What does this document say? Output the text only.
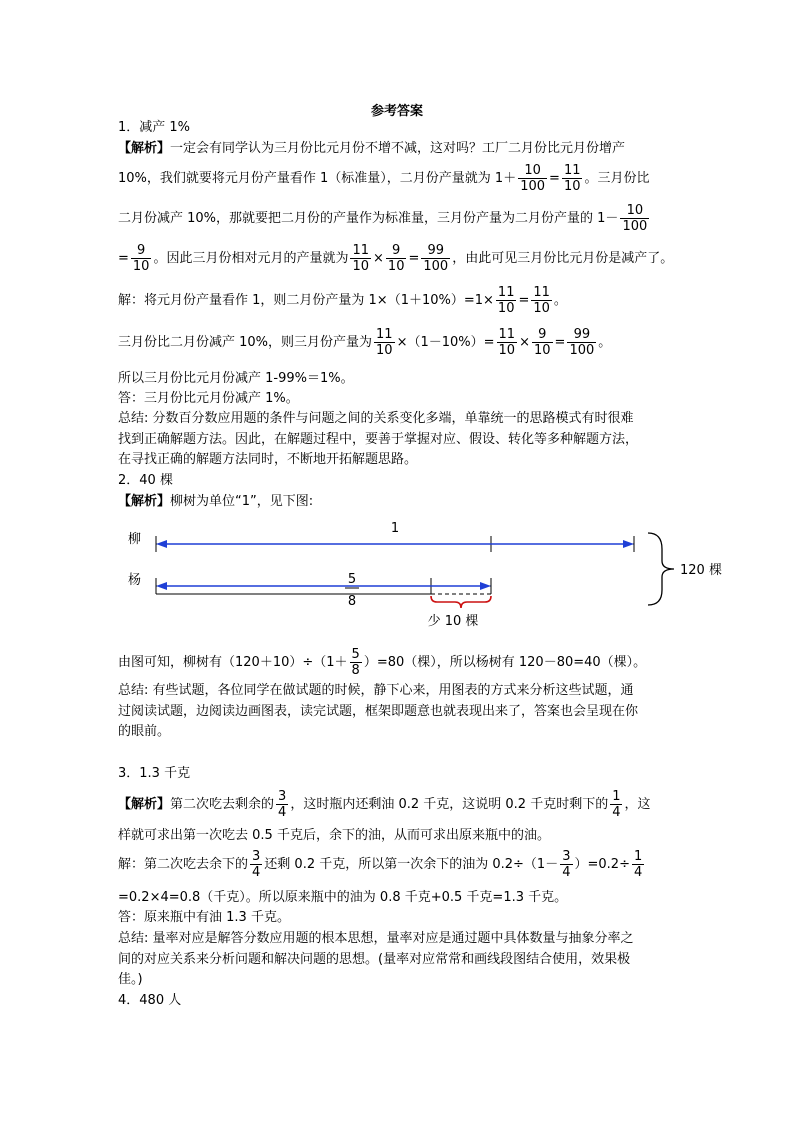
参考答案
1．减产 1%
【解析】一定会有同学认为三月份比元月份不增不减，这对吗？工厂二月份比元月份增产
10%，我们就要将元月份产量看作 1（标准量），二月份产量就为 $1+ \frac{10}{100} = \frac{11}{10}$ 。三月份比
二月份减产 10%，那就要把二月份的产量作为标准量，三月份产量为二月份产量的 $1- \frac{10}{100}$
= $\frac{9}{10}$ 。因此三月份相对元月的产量就为 $\frac{11}{10} \times \frac{9}{10} = \frac{99}{100}$ ，由此可见三月份比元月份是减产了。
解：将元月份产量看作 1，则二月份产量为 $1\times(1+10\%)=1\times \frac{11}{10} = \frac{11}{10}$ 。
三月份比二月份减产 10%，则三月份产量为 $\frac{11}{10} \times(1-10\%)= \frac{11}{10} \times \frac{9}{10} = \frac{99}{100}$ 。
所以三月份比元月份减产 1-99%＝1%。
答：三月份比元月份减产 1%。
总结: 分数百分数应用题的条件与问题之间的关系变化多端，单靠统一的思路模式有时很难
找到正确解题方法。因此，在解题过程中，要善于掌握对应、假设、转化等多种解题方法，
在寻找正确的解题方法同时，不断地开拓解题思路。
2．40 棵
【解析】柳树为单位“1”，见下图:
柳
杨
1
5
8
少 10 棵
120 棵
由图可知，柳树有$(120+10)\div(1+ \frac{5}{8} )=80$（棵），所以杨树有 120－80=40（棵）。
总结: 有些试题，各位同学在做试题的时候，静下心来，用图表的方式来分析这些试题，通
过阅读试题，边阅读边画图表，读完试题，框架即题意也就表现出来了，答案也会呈现在你
的眼前。
3．1.3 千克
【解析】第二次吃去剩余的 $\frac{3}{4}$ ，这时瓶内还剩油 0.2 千克，这说明 0.2 千克时剩下的 $\frac{1}{4}$ ，这
样就可求出第一次吃去 0.5 千克后，余下的油，从而可求出原来瓶中的油。
解：第二次吃去余下的 $\frac{3}{4}$ 还剩 0.2 千克，所以第一次余下的油为 $0.2\div(1- \frac{3}{4} )=0.2\div \frac{1}{4}$
=0.2×4=0.8（千克）。所以原来瓶中的油为 0.8 千克+0.5 千克=1.3 千克。
答：原来瓶中有油 1.3 千克。
总结: 量率对应是解答分数应用题的根本思想，量率对应是通过题中具体数量与抽象分率之
间的对应关系来分析问题和解决问题的思想。(量率对应常常和画线段图结合使用，效果极
佳。)
4．480 人
